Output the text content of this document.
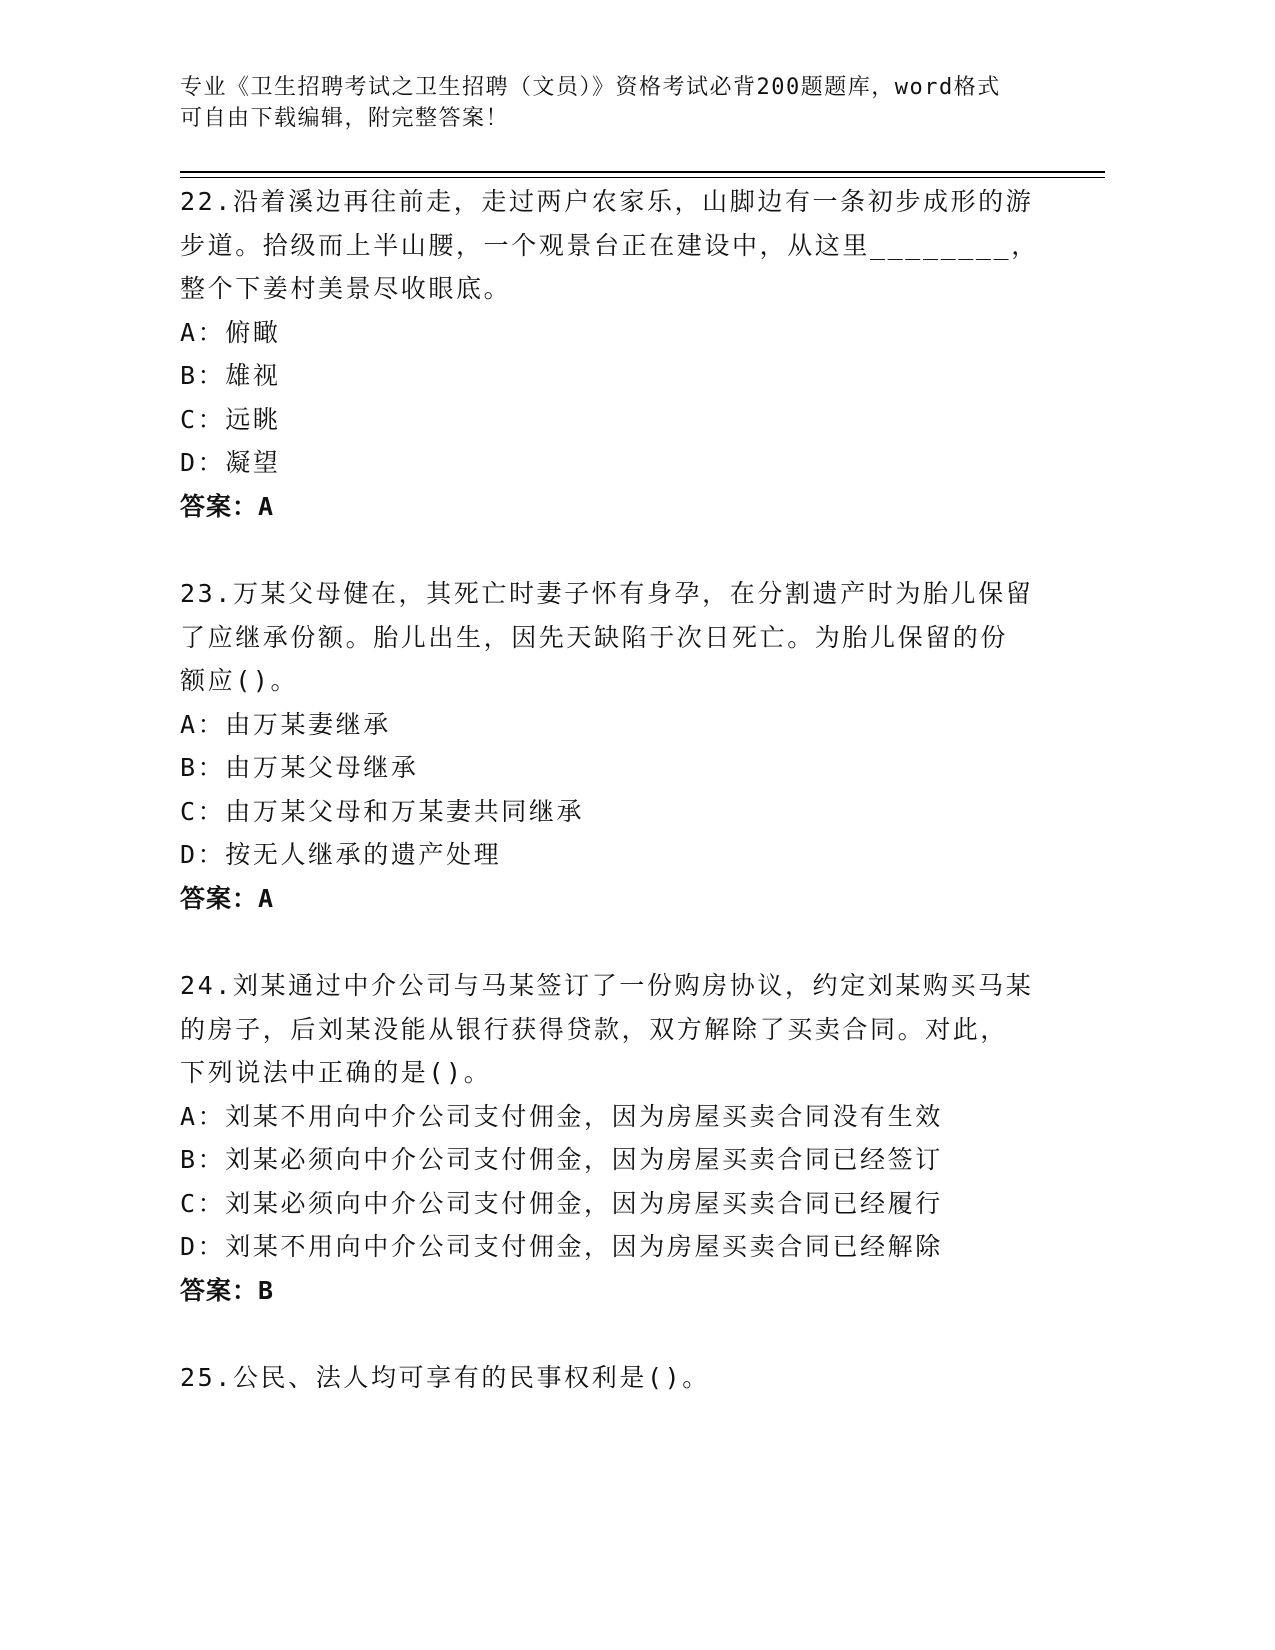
专业《卫生招聘考试之卫生招聘（文员）》资格考试必背200题题库，word格式
可自由下载编辑，附完整答案！
22.沿着溪边再往前走，走过两户农家乐，山脚边有一条初步成形的游
步道。拾级而上半山腰，一个观景台正在建设中，从这里________，
整个下姜村美景尽收眼底。
A：俯瞰
B：雄视
C：远眺
D：凝望
答案：A
23.万某父母健在，其死亡时妻子怀有身孕，在分割遗产时为胎儿保留
了应继承份额。胎儿出生，因先天缺陷于次日死亡。为胎儿保留的份
额应()。
A：由万某妻继承
B：由万某父母继承
C：由万某父母和万某妻共同继承
D：按无人继承的遗产处理
答案：A
24.刘某通过中介公司与马某签订了一份购房协议，约定刘某购买马某
的房子，后刘某没能从银行获得贷款，双方解除了买卖合同。对此，
下列说法中正确的是()。
A：刘某不用向中介公司支付佣金，因为房屋买卖合同没有生效
B：刘某必须向中介公司支付佣金，因为房屋买卖合同已经签订
C：刘某必须向中介公司支付佣金，因为房屋买卖合同已经履行
D：刘某不用向中介公司支付佣金，因为房屋买卖合同已经解除
答案：B
25.公民、法人均可享有的民事权利是()。
